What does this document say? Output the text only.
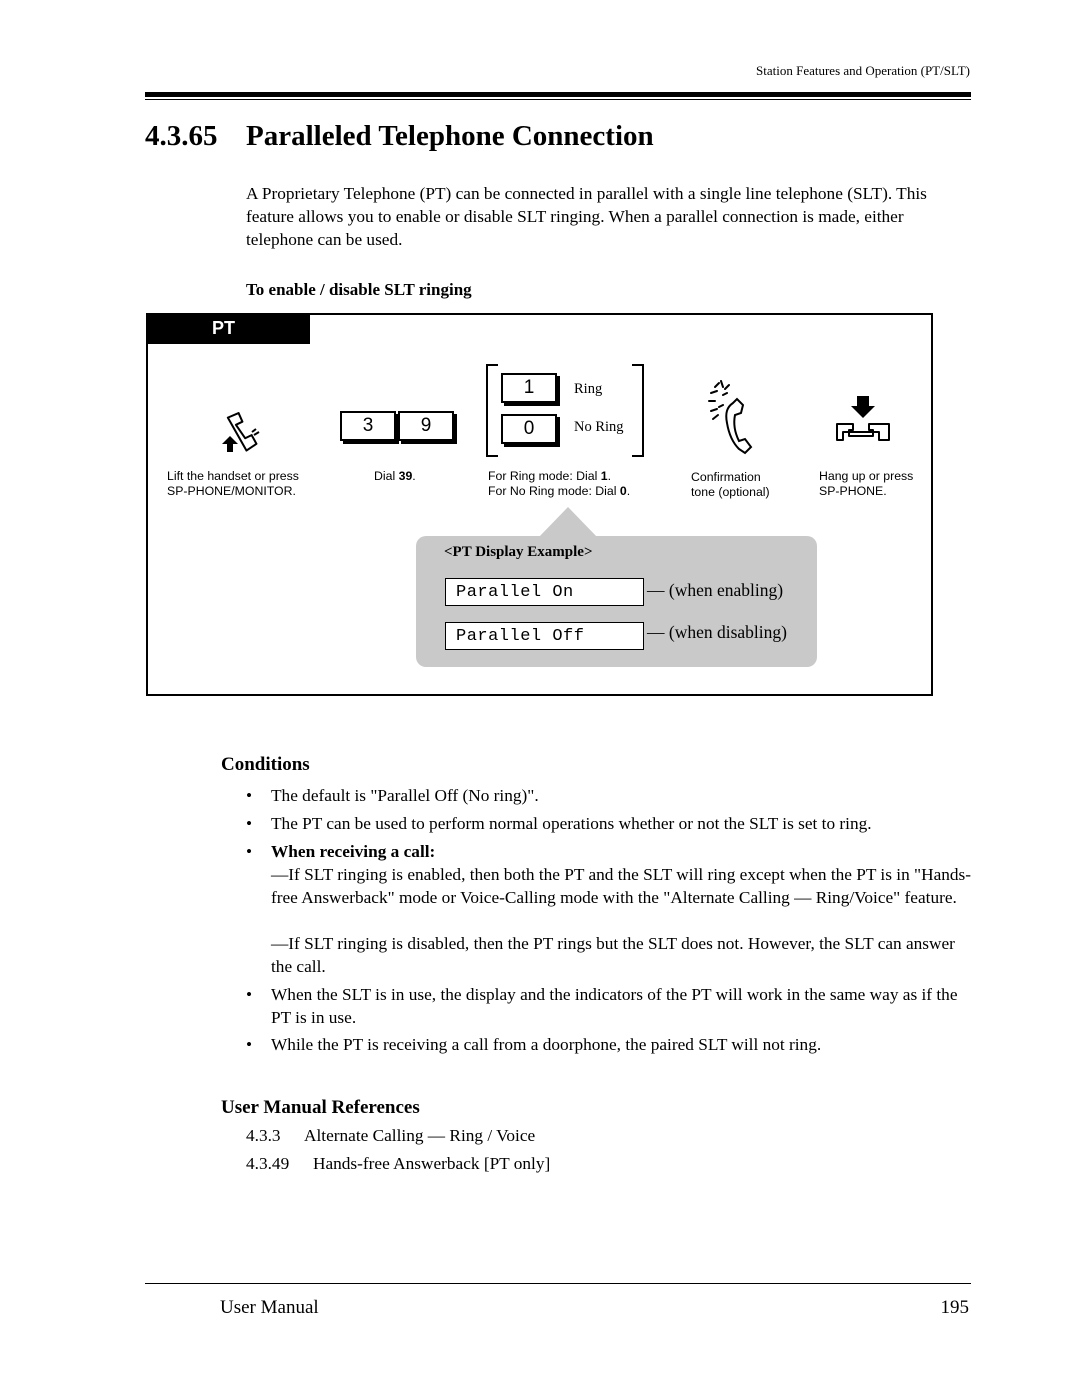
Station Features and Operation (PT/SLT)
4.3.65 Paralleled Telephone Connection
A Proprietary Telephone (PT) can be connected in parallel with a single line telephone (SLT). This feature allows you to enable or disable SLT ringing. When a parallel connection is made, either telephone can be used.
To enable / disable SLT ringing
PT
Lift the handset or press
SP-PHONE/MONITOR.
3	9
Dial 39.
1	Ring
0	No Ring
For Ring mode: Dial 1.
For No Ring mode: Dial 0.
Confirmation
tone (optional)
Hang up or press
SP-PHONE.
<PT Display Example>
Parallel On	— (when enabling)
Parallel Off	— (when disabling)
Conditions
• The default is "Parallel Off (No ring)".
• The PT can be used to perform normal operations whether or not the SLT is set to ring.
• When receiving a call:
—If SLT ringing is enabled, then both the PT and the SLT will ring except when the PT is in "Hands-free Answerback" mode or Voice-Calling mode with the "Alternate Calling — Ring/Voice" feature.
—If SLT ringing is disabled, then the PT rings but the SLT does not. However, the SLT can answer the call.
• When the SLT is in use, the display and the indicators of the PT will work in the same way as if the PT is in use.
• While the PT is receiving a call from a doorphone, the paired SLT will not ring.
User Manual References
4.3.3 Alternate Calling — Ring / Voice
4.3.49 Hands-free Answerback [PT only]
User Manual	195
